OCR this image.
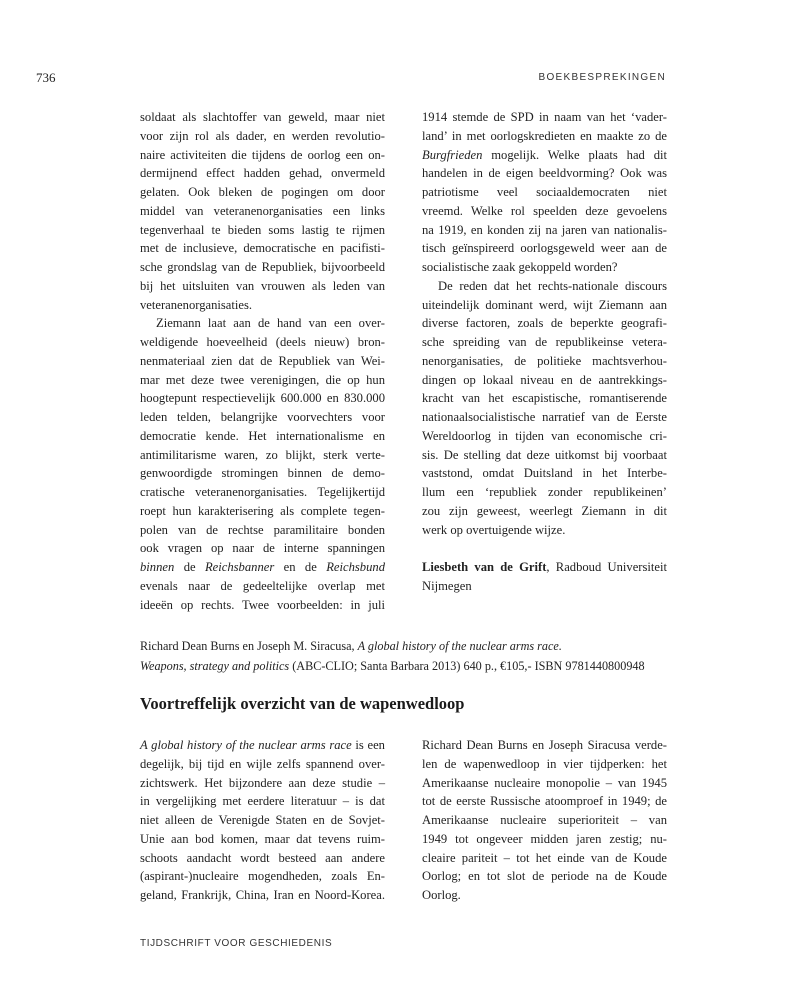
736	BOEKBESPREKINGEN
soldaat als slachtoffer van geweld, maar niet
voor zijn rol als dader, en werden revolutio-
naire activiteiten die tijdens de oorlog een on-
dermijnend effect hadden gehad, onvermeld
gelaten. Ook bleken de pogingen om door
middel van veteranenorganisaties een links
tegenverhaal te bieden soms lastig te rijmen
met de inclusieve, democratische en pacifisti-
sche grondslag van de Republiek, bijvoorbeeld
bij het uitsluiten van vrouwen als leden van
veteranenorganisaties.
Ziemann laat aan de hand van een over-
weldigende hoeveelheid (deels nieuw) bron-
nenmateriaal zien dat de Republiek van Wei-
mar met deze twee verenigingen, die op hun
hoogtepunt respectievelijk 600.000 en 830.000
leden telden, belangrijke voorvechters voor
democratie kende. Het internationalisme en
antimilitarisme waren, zo blijkt, sterk verte-
genwoordigde stromingen binnen de demo-
cratische veteranenorganisaties. Tegelijkertijd
roept hun karakterisering als complete tegen-
polen van de rechtse paramilitaire bonden
ook vragen op naar de interne spanningen
binnen de Reichsbanner en de Reichsbund
evenals naar de gedeeltelijke overlap met
ideeën op rechts. Twee voorbeelden: in juli
1914 stemde de SPD in naam van het ‘vader-
land’ in met oorlogskredieten en maakte zo de
Burgfrieden mogelijk. Welke plaats had dit
handelen in de eigen beeldvorming? Ook was
patriotisme veel sociaaldemocraten niet
vreemd. Welke rol speelden deze gevoelens
na 1919, en konden zij na jaren van nationalis-
tisch geïnspireerd oorlogsgeweld weer aan de
socialistische zaak gekoppeld worden?
De reden dat het rechts-nationale discours
uiteindelijk dominant werd, wijt Ziemann aan
diverse factoren, zoals de beperkte geografi-
sche spreiding van de republikeinse vetera-
nenorganisaties, de politieke machtsverhou-
dingen op lokaal niveau en de aantrekkings-
kracht van het escapistische, romantiserende
nationaalsocialistische narratief van de Eerste
Wereldoorlog in tijden van economische cri-
sis. De stelling dat deze uitkomst bij voorbaat
vaststond, omdat Duitsland in het Interbe-
llum een ‘republiek zonder republikeinen’
zou zijn geweest, weerlegt Ziemann in dit
werk op overtuigende wijze.

Liesbeth van de Grift, Radboud Universiteit
Nijmegen

Richard Dean Burns en Joseph M. Siracusa, A global history of the nuclear arms race.
Weapons, strategy and politics (ABC-CLIO; Santa Barbara 2013) 640 p., €105,- ISBN 9781440800948
Voortreffelijk overzicht van de wapenwedloop
A global history of the nuclear arms race is een
degelijk, bij tijd en wijle zelfs spannend over-
zichtswerk. Het bijzondere aan deze studie –
in vergelijking met eerdere literatuur – is dat
niet alleen de Verenigde Staten en de Sovjet-
Unie aan bod komen, maar dat tevens ruim-
schoots aandacht wordt besteed aan andere
(aspirant-)nucleaire mogendheden, zoals En-
geland, Frankrijk, China, Iran en Noord-Korea.
Richard Dean Burns en Joseph Siracusa verde-
len de wapenwedloop in vier tijdperken: het
Amerikaanse nucleaire monopolie – van 1945
tot de eerste Russische atoomproef in 1949; de
Amerikaanse nucleaire superioriteit – van
1949 tot ongeveer midden jaren zestig; nu-
cleaire pariteit – tot het einde van de Koude
Oorlog; en tot slot de periode na de Koude
Oorlog.
TIJDSCHRIFT VOOR GESCHIEDENIS
